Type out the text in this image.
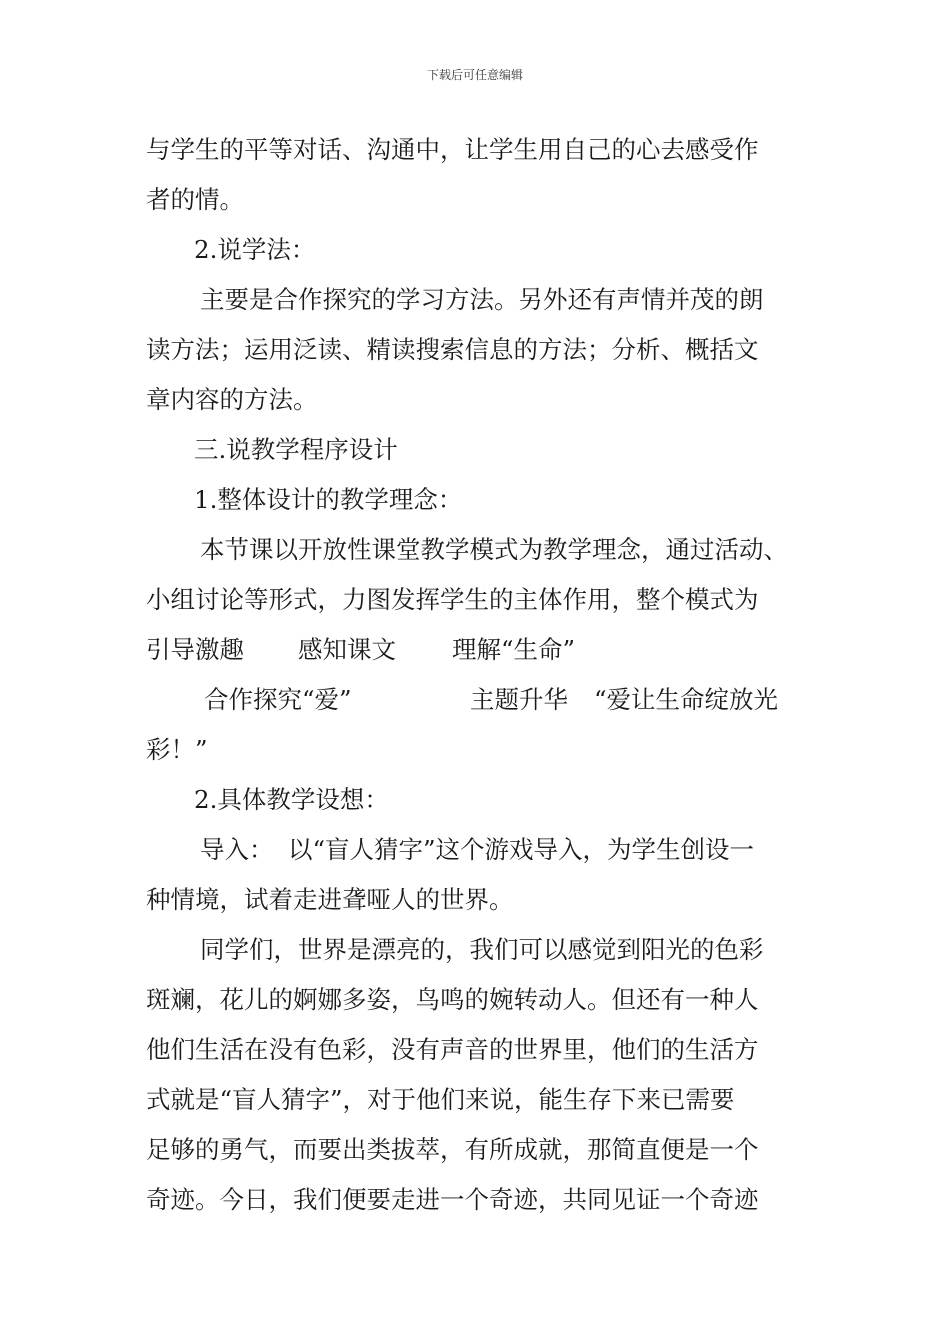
下载后可任意编辑
与学生的平等对话、沟通中，让学生用自己的心去感受作
者的情。
2.说学法：
主要是合作探究的学习方法。另外还有声情并茂的朗
读方法；运用泛读、精读搜索信息的方法；分析、概括文
章内容的方法。
三.说教学程序设计
1.整体设计的教学理念：
本节课以开放性课堂教学模式为教学理念，通过活动、
小组讨论等形式，力图发挥学生的主体作用，整个模式为
引导激趣 感知课文 理解“生命”
合作探究“爱”	主题升华 “爱让生命绽放光
彩！”
2.具体教学设想：
导入： 以“盲人猜字”这个游戏导入，为学生创设一
种情境，试着走进聋哑人的世界。
同学们，世界是漂亮的，我们可以感觉到阳光的色彩
斑斓，花儿的婀娜多姿，鸟鸣的婉转动人。但还有一种人
他们生活在没有色彩，没有声音的世界里，他们的生活方
式就是“盲人猜字”，对于他们来说，能生存下来已需要
足够的勇气，而要出类拔萃，有所成就，那简直便是一个
奇迹。今日，我们便要走进一个奇迹，共同见证一个奇迹
